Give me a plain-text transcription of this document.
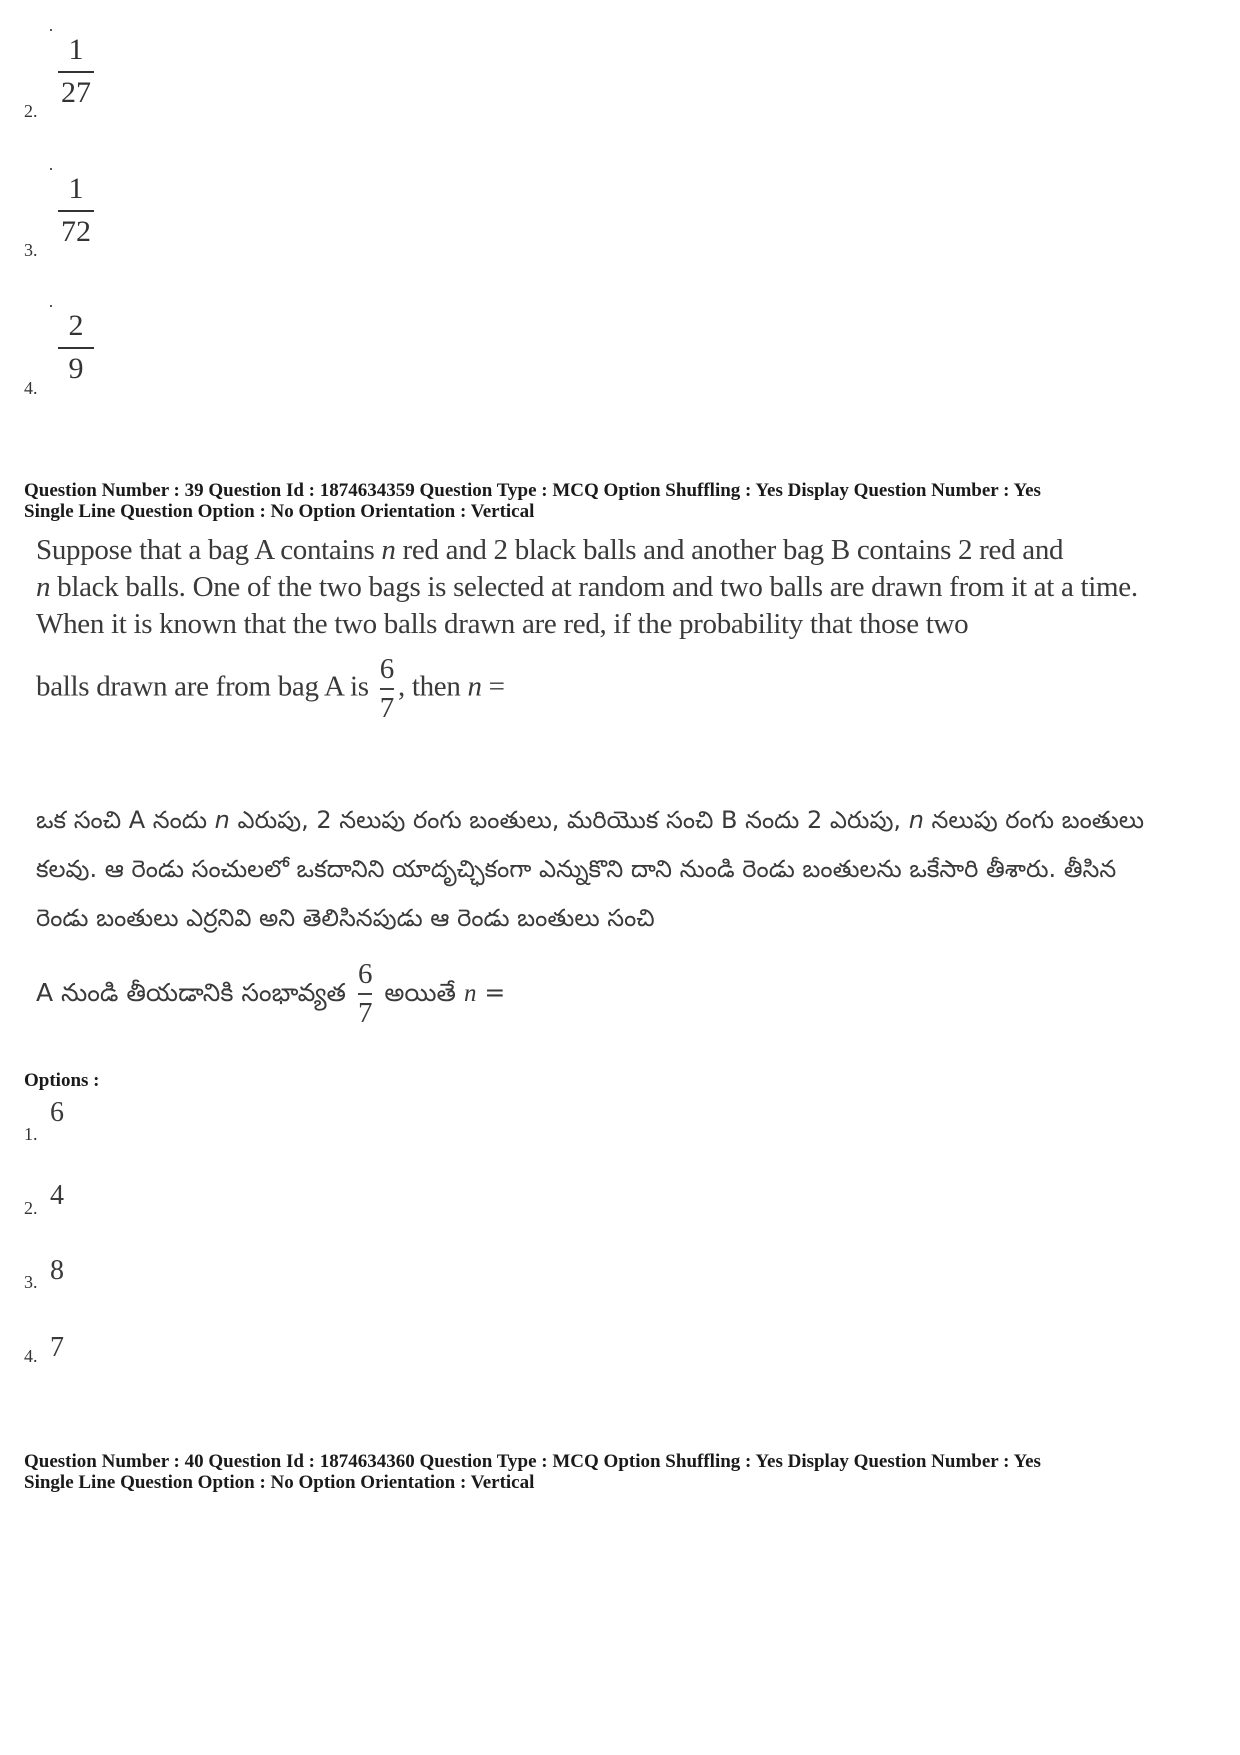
1
27
2.
1
72
3.
2
9
4.
Question Number : 39 Question Id : 1874634359 Question Type : MCQ Option Shuffling : Yes Display Question Number : Yes
Single Line Question Option : No Option Orientation : Vertical
Suppose that a bag A contains n red and 2 black balls and another bag B contains 2 red and
n black balls. One of the two bags is selected at random and two balls are drawn from it at a time. When it is known that the two balls drawn are red, if the probability that those two
balls drawn are from bag A is $\frac{6}{7}$ , then n =
ఒక సంచి A నందు n ఎరుపు, 2 నలుపు రంగు బంతులు, మరియొక సంచి B నందు 2 ఎరుపు, n నలుపు రంగు బంతులు కలవు. ఆ రెండు సంచులలో ఒకదానిని యాదృచ్ఛికంగా ఎన్నుకొని దాని నుండి రెండు బంతులను ఒకేసారి తీశారు. తీసిన రెండు బంతులు ఎర్రనివి అని తెలిసినపుడు ఆ రెండు బంతులు సంచి
A నుండి తీయడానికి సంభావ్యత $\frac{6}{7}$ అయితే n =
Options :
1.
6
2. 4
3. 8
4. 7
Question Number : 40 Question Id : 1874634360 Question Type : MCQ Option Shuffling : Yes Display Question Number : Yes
Single Line Question Option : No Option Orientation : Vertical
